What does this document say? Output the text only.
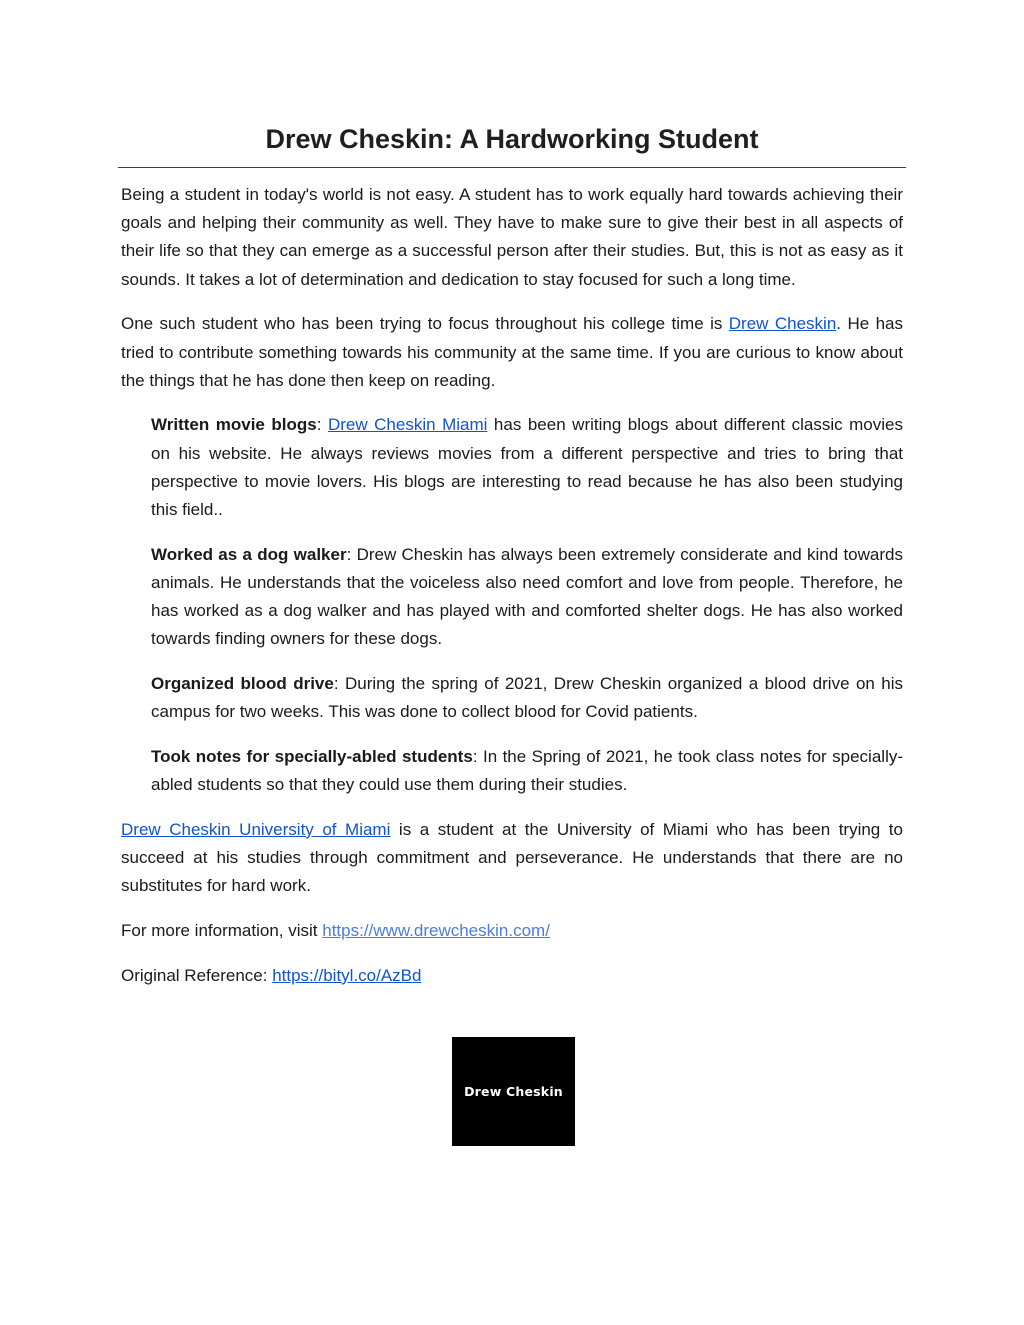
Drew Cheskin: A Hardworking Student

Being a student in today's world is not easy. A student has to work equally hard towards achieving their goals and helping their community as well. They have to make sure to give their best in all aspects of their life so that they can emerge as a successful person after their studies. But, this is not as easy as it sounds. It takes a lot of determination and dedication to stay focused for such a long time.

One such student who has been trying to focus throughout his college time is Drew Cheskin. He has tried to contribute something towards his community at the same time. If you are curious to know about the things that he has done then keep on reading.

Written movie blogs: Drew Cheskin Miami has been writing blogs about different classic movies on his website. He always reviews movies from a different perspective and tries to bring that perspective to movie lovers. His blogs are interesting to read because he has also been studying this field..

Worked as a dog walker: Drew Cheskin has always been extremely considerate and kind towards animals. He understands that the voiceless also need comfort and love from people. Therefore, he has worked as a dog walker and has played with and comforted shelter dogs. He has also worked towards finding owners for these dogs.

Organized blood drive: During the spring of 2021, Drew Cheskin organized a blood drive on his campus for two weeks. This was done to collect blood for Covid patients.

Took notes for specially-abled students: In the Spring of 2021, he took class notes for specially-abled students so that they could use them during their studies.

Drew Cheskin University of Miami is a student at the University of Miami who has been trying to succeed at his studies through commitment and perseverance. He understands that there are no substitutes for hard work.

For more information, visit https://www.drewcheskin.com/

Original Reference: https://bityl.co/AzBd

Drew Cheskin
